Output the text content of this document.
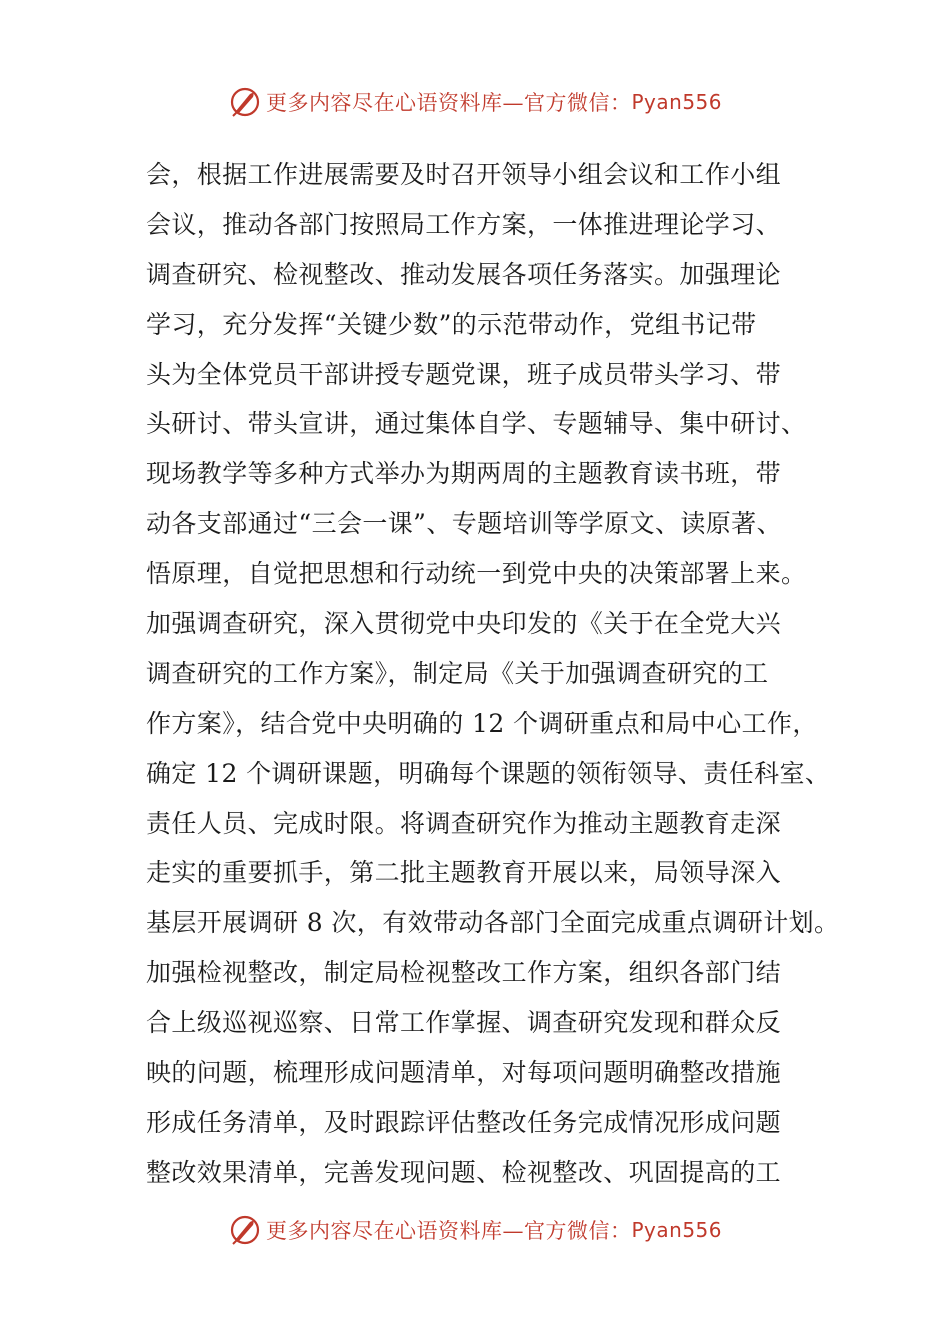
更多内容尽在心语资料库—官方微信： Pyan556
会，根据工作进展需要及时召开领导小组会议和工作小组
会议，推动各部门按照局工作方案，一体推进理论学习、
调查研究、检视整改、推动发展各项任务落实。加强理论
学习，充分发挥“关键少数”的示范带动作，党组书记带
头为全体党员干部讲授专题党课，班子成员带头学习、带
头研讨、带头宣讲，通过集体自学、专题辅导、集中研讨、
现场教学等多种方式举办为期两周的主题教育读书班，带
动各支部通过“三会一课”、专题培训等学原文、读原著、
悟原理，自觉把思想和行动统一到党中央的决策部署上来。
加强调查研究，深入贯彻党中央印发的《关于在全党大兴
调查研究的工作方案》，制定局《关于加强调查研究的工
作方案》，结合党中央明确的 12 个调研重点和局中心工作，
确定 12 个调研课题，明确每个课题的领衔领导、责任科室、
责任人员、完成时限。将调查研究作为推动主题教育走深
走实的重要抓手，第二批主题教育开展以来，局领导深入
基层开展调研 8 次，有效带动各部门全面完成重点调研计划。
加强检视整改，制定局检视整改工作方案，组织各部门结
合上级巡视巡察、日常工作掌握、调查研究发现和群众反
映的问题，梳理形成问题清单，对每项问题明确整改措施
形成任务清单，及时跟踪评估整改任务完成情况形成问题
整改效果清单，完善发现问题、检视整改、巩固提高的工
更多内容尽在心语资料库—官方微信： Pyan556
